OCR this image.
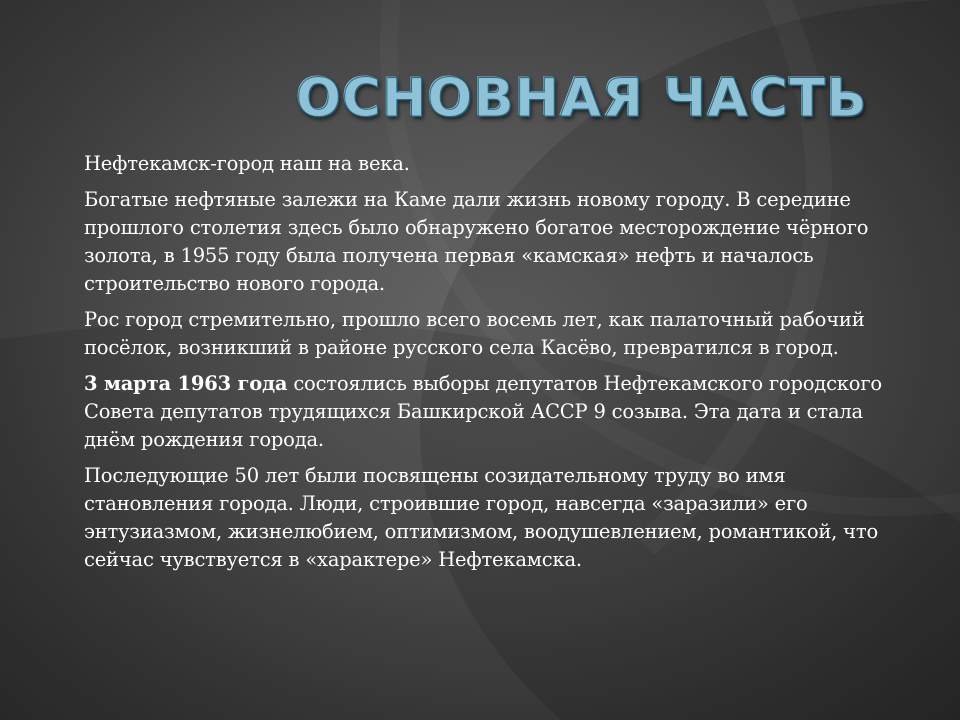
ОСНОВНАЯ ЧАСТЬ

Нефтекамск-город наш на века.

Богатые нефтяные залежи на Каме дали жизнь новому городу. В середине прошлого столетия здесь было обнаружено богатое месторождение чёрного золота, в 1955 году была получена первая «камская» нефть и началось строительство нового города.

Рос город стремительно, прошло всего восемь лет, как палаточный рабочий посёлок, возникший в районе русского села Касёво, превратился в город.

3 марта 1963 года состоялись выборы депутатов Нефтекамского городского Совета депутатов трудящихся Башкирской АССР 9 созыва. Эта дата и стала днём рождения города.

Последующие 50 лет были посвящены созидательному труду во имя становления города. Люди, строившие город, навсегда «заразили» его энтузиазмом, жизнелюбием, оптимизмом, воодушевлением, романтикой, что сейчас чувствуется в «характере» Нефтекамска.
